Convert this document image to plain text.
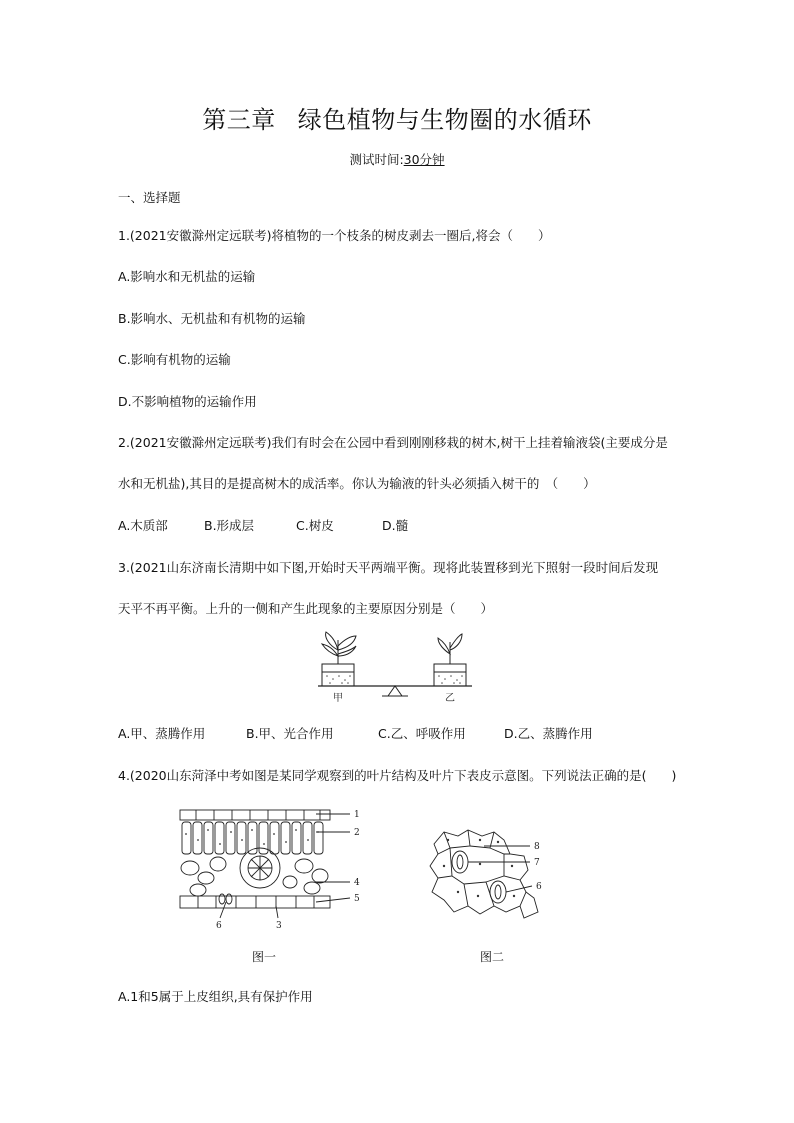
第三章 绿色植物与生物圈的水循环
测试时间:30分钟
一、选择题
1.(2021安徽滁州定远联考)将植物的一个枝条的树皮剥去一圈后,将会（　　）
A.影响水和无机盐的运输
B.影响水、无机盐和有机物的运输
C.影响有机物的运输
D.不影响植物的运输作用
2.(2021安徽滁州定远联考)我们有时会在公园中看到刚刚移栽的树木,树干上挂着输液袋(主要成分是
水和无机盐),其目的是提高树木的成活率。你认为输液的针头必须插入树干的　（　　）
A.木质部	B.形成层	C.树皮	D.髓
3.(2021山东济南长清期中如下图,开始时天平两端平衡。现将此装置移到光下照射一段时间后发现
天平不再平衡。上升的一侧和产生此现象的主要原因分别是（　　）
甲	乙
A.甲、蒸腾作用	B.甲、光合作用	C.乙、呼吸作用	D.乙、蒸腾作用
4.(2020山东菏泽中考如图是某同学观察到的叶片结构及叶片下表皮示意图。下列说法正确的是(　　)
1
2
4
5
6	3
图一
8
7
6
图二
A.1和5属于上皮组织,具有保护作用
